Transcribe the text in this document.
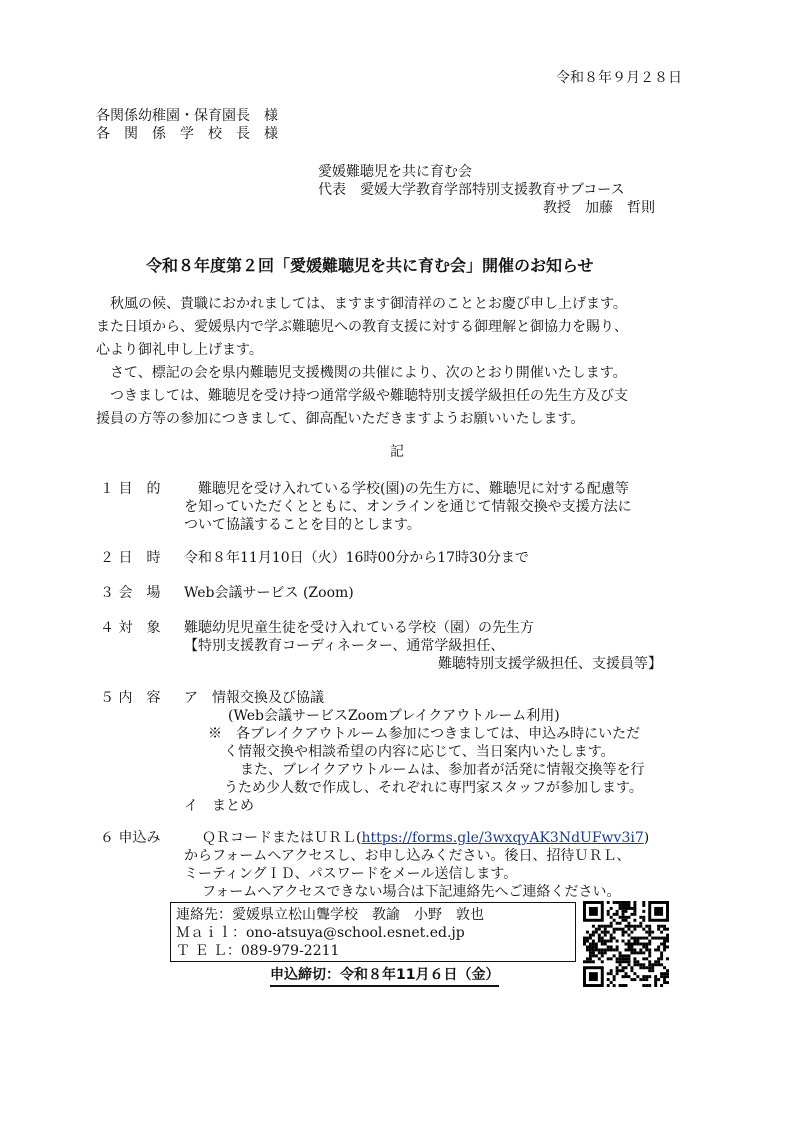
令和８年９月２８日
各関係幼稚園・保育園長　様
各　関　係　学　校　長　様
愛媛難聴児を共に育む会
代表　愛媛大学教育学部特別支援教育サブコース
教授　加藤　哲則
令和８年度第２回「愛媛難聴児を共に育む会」開催のお知らせ
　秋風の候、貴職におかれましては、ますます御清祥のこととお慶び申し上げます。
また日頃から、愛媛県内で学ぶ難聴児への教育支援に対する御理解と御協力を賜り、
心より御礼申し上げます。
　さて、標記の会を県内難聴児支援機関の共催により、次のとおり開催いたします。
　つきましては、難聴児を受け持つ通常学級や難聴特別支援学級担任の先生方及び支
援員の方等の参加につきまして、御高配いただきますようお願いいたします。
記
１ 目　的 　難聴児を受け入れている学校(園)の先生方に、難聴児に対する配慮等
を知っていただくとともに、オンラインを通じて情報交換や支援方法に
ついて協議することを目的とします。
２ 日　時 令和８年11月10日（火）16時00分から17時30分まで
３ 会　場 Web会議サービス (Zoom)
４ 対　象 難聴幼児児童生徒を受け入れている学校（園）の先生方
【特別支援教育コーディネーター、通常学級担任、
難聴特別支援学級担任、支援員等】
５ 内　容 ア　情報交換及び協議
(Web会議サービスZoomブレイクアウトルーム利用)
※　各ブレイクアウトルーム参加につきましては、申込み時にいただ
く情報交換や相談希望の内容に応じて、当日案内いたします。
また、ブレイクアウトルームは、参加者が活発に情報交換等を行
うため少人数で作成し、それぞれに専門家スタッフが参加します。
イ　まとめ
６ 申込み	ＱＲコードまたはＵＲＬ(https://forms.gle/3wxqyAK3NdUFwv3i7)
からフォームへアクセスし、お申し込みください。後日、招待ＵＲＬ、
ミーティングＩＤ、パスワードをメール送信します。
フォームへアクセスできない場合は下記連絡先へご連絡ください。
連絡先：愛媛県立松山聾学校　教諭　小野　敦也
Ｍａｉｌ：ono-atsuya@school.esnet.ed.jp
Ｔ Ｅ Ｌ：089-979-2211
申込締切：令和８年11月６日（金）
